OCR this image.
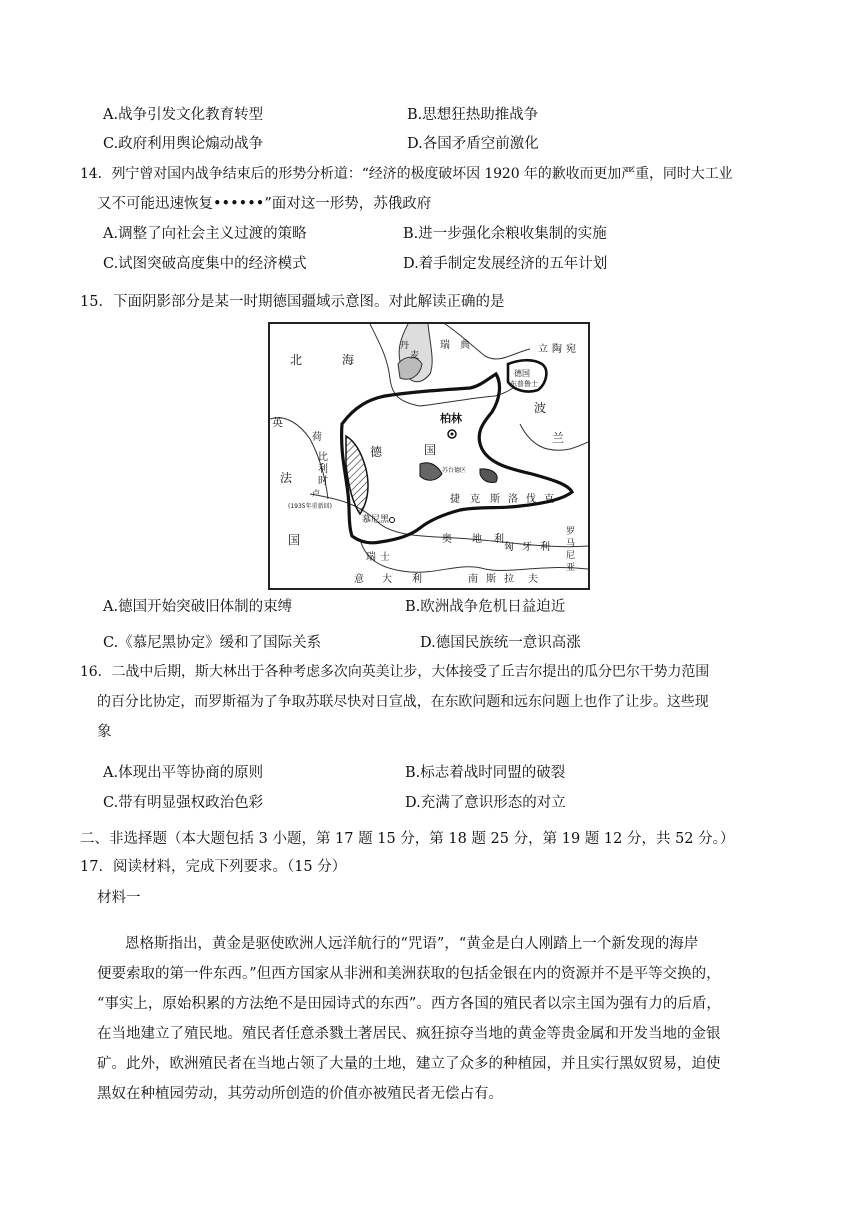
A.战争引发文化教育转型	B.思想狂热助推战争
C.政府利用舆论煽动战争	D.各国矛盾空前激化
14．列宁曾对国内战争结束后的形势分析道：“经济的极度破坏因 1920 年的歉收而更加严重，同时大工业
又不可能迅速恢复••••••”面对这一形势，苏俄政府
A.调整了向社会主义过渡的策略	B.进一步强化余粮收集制的实施
C.试图突破高度集中的经济模式	D.着手制定发展经济的五年计划
15．下面阴影部分是某一时期德国疆域示意图。对此解读正确的是
北	海
丹
麦
瑞 典	立 陶 宛
德国
东普鲁士
波
兰
柏林
德	国
荷
英
比
利
时
卢
(1935年重新回)
法
国
苏台德区
捷 克 斯 洛 伐 克
慕尼黑
瑞 士
奥 地 利
匈 牙 利
罗
马
尼
亚
意 大 利	南 斯 拉 夫
A.德国开始突破旧体制的束缚	B.欧洲战争危机日益迫近
C.《慕尼黑协定》缓和了国际关系	D.德国民族统一意识高涨
16．二战中后期，斯大林出于各种考虑多次向英美让步，大体接受了丘吉尔提出的瓜分巴尔干势力范围
的百分比协定，而罗斯福为了争取苏联尽快对日宣战，在东欧问题和远东问题上也作了让步。这些现
象
A.体现出平等协商的原则	B.标志着战时同盟的破裂
C.带有明显强权政治色彩	D.充满了意识形态的对立
二、非选择题（本大题包括 3 小题，第 17 题 15 分，第 18 题 25 分，第 19 题 12 分，共 52 分。）
17．阅读材料，完成下列要求。（15 分）
材料一
恩格斯指出，黄金是驱使欧洲人远洋航行的“咒语”，“黄金是白人刚踏上一个新发现的海岸
便要索取的第一件东西。”但西方国家从非洲和美洲获取的包括金银在内的资源并不是平等交换的，
“事实上，原始积累的方法绝不是田园诗式的东西”。西方各国的殖民者以宗主国为强有力的后盾，
在当地建立了殖民地。殖民者任意杀戮土著居民、疯狂掠夺当地的黄金等贵金属和开发当地的金银
矿。此外，欧洲殖民者在当地占领了大量的土地，建立了众多的种植园，并且实行黑奴贸易，迫使
黑奴在种植园劳动，其劳动所创造的价值亦被殖民者无偿占有。
